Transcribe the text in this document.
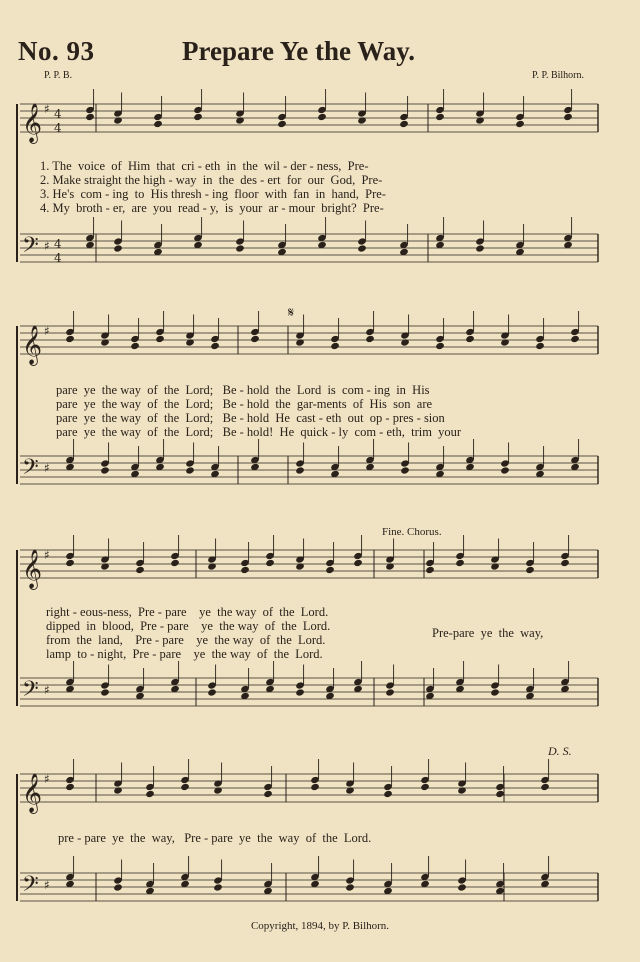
No. 93	Prepare Ye the Way.
P. P. B.	P. P. Bilhorn.
𝄞
𝄢
♯
♯
4
4
4
4
𝄞
𝄢
♯
♯
𝄞
𝄢
♯
♯
𝄞
𝄢
♯
♯
1. The  voice  of  Him  that  cri - eth  in  the  wil - der - ness,  Pre-
2. Make straight the high - way  in  the  des - ert  for  our  God,  Pre-
3. He's  com - ing  to  His thresh - ing  floor  with  fan  in  hand,  Pre-
4. My  broth - er,  are  you  read - y,  is  your  ar - mour  bright?  Pre-
𝄋
pare  ye  the way  of  the  Lord;   Be - hold  the  Lord  is  com - ing  in  His
pare  ye  the way  of  the  Lord;   Be - hold  the  gar-ments  of  His  son  are
pare  ye  the way  of  the  Lord;   Be - hold  He  cast - eth  out  op - pres - sion
pare  ye  the way  of  the  Lord;   Be - hold!  He  quick - ly  com - eth,  trim  your
Fine. Chorus.
right - eous-ness,  Pre - pare    ye  the way  of  the  Lord.
dipped  in  blood,  Pre - pare    ye  the way  of  the  Lord.
from  the  land,    Pre - pare    ye  the way  of  the  Lord.
lamp  to - night,  Pre - pare    ye  the way  of  the  Lord.
Pre-pare  ye  the  way,
D. S.
pre - pare  ye  the  way,   Pre - pare  ye  the  way  of  the  Lord.
Copyright, 1894, by P. Bilhorn.
